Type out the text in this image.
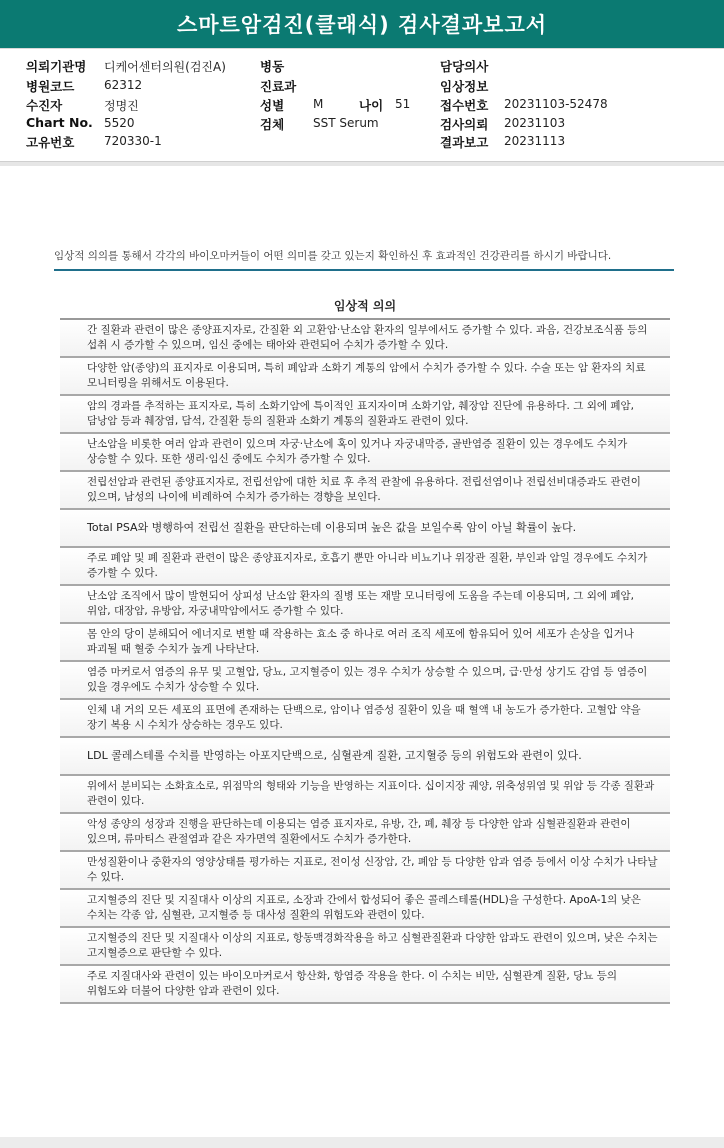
스마트암검진(클래식) 검사결과보고서
의뢰기관명 디케어센터의원(검진A)
병원코드 62312
수진자	정명진
Chart No. 5520
고유번호 720330-1
병동
진료과
성별 M	나이 51
검체 SST Serum
담당의사
임상정보
접수번호 20231103-52478
검사의뢰 20231103
결과보고 20231113
임상적 의의를 통해서 각각의 바이오마커들이 어떤 의미를 갖고 있는지 확인하신 후 효과적인 건강관리를 하시기 바랍니다.
임상적 의의
간 질환과 관련이 많은 종양표지자로, 간질환 외 고환암·난소암 환자의 일부에서도 증가할 수 있다. 과음, 건강보조식품 등의 섭취 시 증가할 수 있으며, 임신 중에는 태아와 관련되어 수치가 증가할 수 있다.
다양한 암(종양)의 표지자로 이용되며, 특히 폐암과 소화기 계통의 암에서 수치가 증가할 수 있다. 수술 또는 암 환자의 치료 모니터링을 위해서도 이용된다.
암의 경과를 추적하는 표지자로, 특히 소화기암에 특이적인 표지자이며 소화기암, 췌장암 진단에 유용하다. 그 외에 폐암, 담낭암 등과 췌장염, 담석, 간질환 등의 질환과 소화기 계통의 질환과도 관련이 있다.
난소암을 비롯한 여러 암과 관련이 있으며 자궁·난소에 혹이 있거나 자궁내막증, 골반염증 질환이 있는 경우에도 수치가 상승할 수 있다. 또한 생리·임신 중에도 수치가 증가할 수 있다.
전립선암과 관련된 종양표지자로, 전립선암에 대한 치료 후 추적 관찰에 유용하다. 전립선염이나 전립선비대증과도 관련이 있으며, 남성의 나이에 비례하여 수치가 증가하는 경향을 보인다.
Total PSA와 병행하여 전립선 질환을 판단하는데 이용되며 높은 값을 보일수록 암이 아닐 확률이 높다.
주로 폐암 및 폐 질환과 관련이 많은 종양표지자로, 호흡기 뿐만 아니라 비뇨기나 위장관 질환, 부인과 암일 경우에도 수치가 증가할 수 있다.
난소암 조직에서 많이 발현되어 상피성 난소암 환자의 질병 또는 재발 모니터링에 도움을 주는데 이용되며, 그 외에 폐암, 위암, 대장암, 유방암, 자궁내막암에서도 증가할 수 있다.
몸 안의 당이 분해되어 에너지로 변할 때 작용하는 효소 중 하나로 여러 조직 세포에 함유되어 있어 세포가 손상을 입거나 파괴될 때 혈중 수치가 높게 나타난다.
염증 마커로서 염증의 유무 및 고혈압, 당뇨, 고지혈증이 있는 경우 수치가 상승할 수 있으며, 급·만성 상기도 감염 등 염증이 있을 경우에도 수치가 상승할 수 있다.
인체 내 거의 모든 세포의 표면에 존재하는 단백으로, 암이나 염증성 질환이 있을 때 혈액 내 농도가 증가한다. 고혈압 약을 장기 복용 시 수치가 상승하는 경우도 있다.
LDL 콜레스테롤 수치를 반영하는 아포지단백으로, 심혈관계 질환, 고지혈증 등의 위험도와 관련이 있다.
위에서 분비되는 소화효소로, 위점막의 형태와 기능을 반영하는 지표이다. 십이지장 궤양, 위축성위염 및 위암 등 각종 질환과 관련이 있다.
악성 종양의 성장과 진행을 판단하는데 이용되는 염증 표지자로, 유방, 간, 폐, 췌장 등 다양한 암과 심혈관질환과 관련이 있으며, 류마티스 관절염과 같은 자가면역 질환에서도 수치가 증가한다.
만성질환이나 중환자의 영양상태를 평가하는 지표로, 전이성 신장암, 간, 폐암 등 다양한 암과 염증 등에서 이상 수치가 나타날 수 있다.
고지혈증의 진단 및 지질대사 이상의 지표로, 소장과 간에서 합성되어 좋은 콜레스테롤(HDL)을 구성한다. ApoA-1의 낮은 수치는 각종 암, 심혈관, 고지혈증 등 대사성 질환의 위험도와 관련이 있다.
고지혈증의 진단 및 지질대사 이상의 지표로, 항동맥경화작용을 하고 심혈관질환과 다양한 암과도 관련이 있으며, 낮은 수치는 고지혈증으로 판단할 수 있다.
주로 지질대사와 관련이 있는 바이오마커로서 항산화, 항염증 작용을 한다. 이 수치는 비만, 심혈관계 질환, 당뇨 등의 위험도와 더불어 다양한 암과 관련이 있다.
